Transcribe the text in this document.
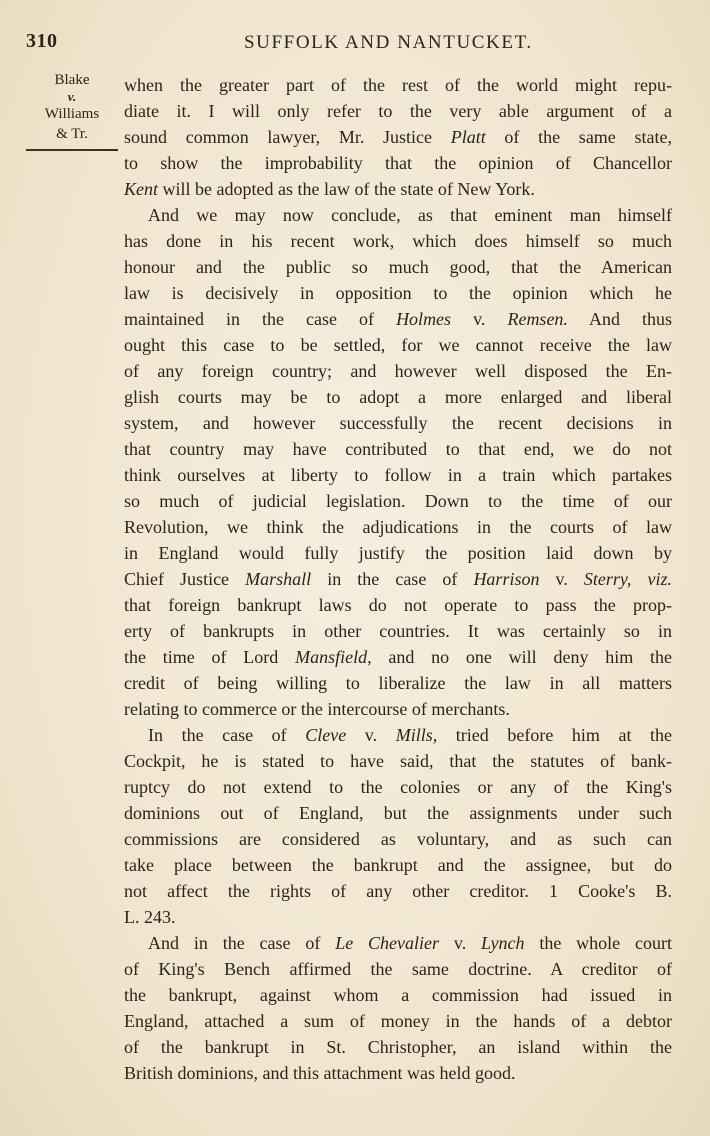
310	SUFFOLK AND NANTUCKET.
Blake
v.
Williams
& Tr.
when the greater part of the rest of the world might repu-
diate it. I will only refer to the very able argument of a
sound common lawyer, Mr. Justice Platt of the same state,
to show the improbability that the opinion of Chancellor
Kent will be adopted as the law of the state of New York.
And we may now conclude, as that eminent man himself
has done in his recent work, which does himself so much
honour and the public so much good, that the American
law is decisively in opposition to the opinion which he
maintained in the case of Holmes v. Remsen. And thus
ought this case to be settled, for we cannot receive the law
of any foreign country; and however well disposed the En-
glish courts may be to adopt a more enlarged and liberal
system, and however successfully the recent decisions in
that country may have contributed to that end, we do not
think ourselves at liberty to follow in a train which partakes
so much of judicial legislation. Down to the time of our
Revolution, we think the adjudications in the courts of law
in England would fully justify the position laid down by
Chief Justice Marshall in the case of Harrison v. Sterry, viz.
that foreign bankrupt laws do not operate to pass the prop-
erty of bankrupts in other countries. It was certainly so in
the time of Lord Mansfield, and no one will deny him the
credit of being willing to liberalize the law in all matters
relating to commerce or the intercourse of merchants.
In the case of Cleve v. Mills, tried before him at the
Cockpit, he is stated to have said, that the statutes of bank-
ruptcy do not extend to the colonies or any of the King's
dominions out of England, but the assignments under such
commissions are considered as voluntary, and as such can
take place between the bankrupt and the assignee, but do
not affect the rights of any other creditor. 1 Cooke's B.
L. 243.
And in the case of Le Chevalier v. Lynch the whole court
of King's Bench affirmed the same doctrine. A creditor of
the bankrupt, against whom a commission had issued in
England, attached a sum of money in the hands of a debtor
of the bankrupt in St. Christopher, an island within the
British dominions, and this attachment was held good.
